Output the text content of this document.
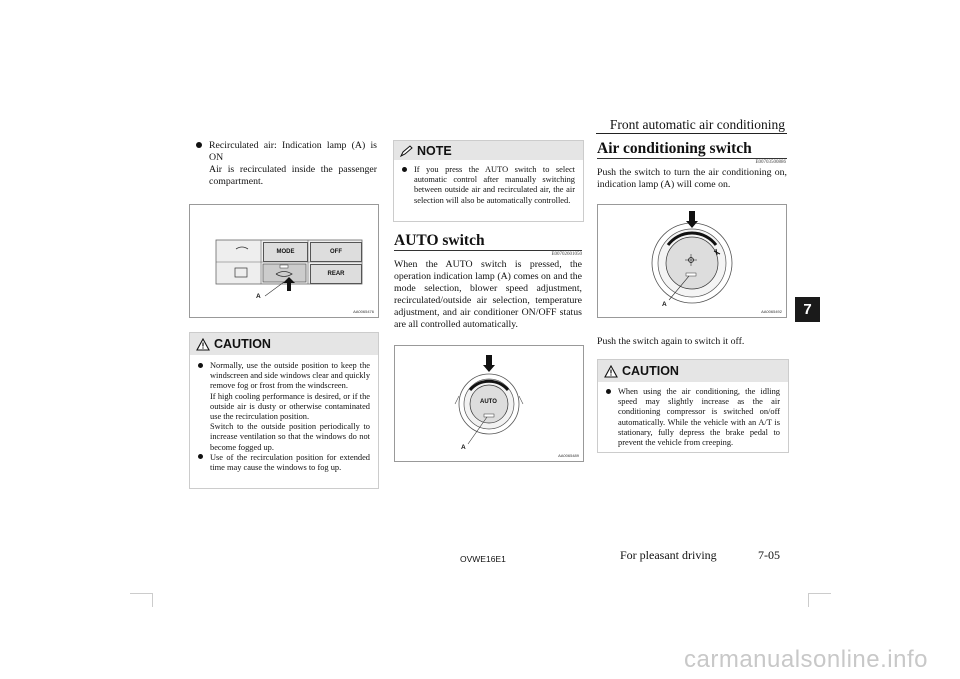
Front automatic air conditioning
7
Recirculated air: Indication lamp (A) is ON
Air is recirculated inside the passenger compartment.
MODE	OFF
REAR
A
AA0065476
CAUTION
Normally, use the outside position to keep the windscreen and side windows clear and quickly remove fog or frost from the windscreen.
If high cooling performance is desired, or if the outside air is dusty or otherwise contaminated use the recirculation position.
Switch to the outside position periodically to increase ventilation so that the windows do not become fogged up.
Use of the recirculation position for extended time may cause the windows to fog up.
NOTE
If you press the AUTO switch to select automatic control after manually switching between outside air and recirculated air, the air selection will also be automatically controlled.
AUTO switch
E00702601050
When the AUTO switch is pressed, the operation indication lamp (A) comes on and the mode selection, blower speed adjustment, recirculated/outside air selection, temperature adjustment, and air conditioner ON/OFF status are all controlled automatically.
AUTO
A
AA0065489
Air conditioning switch
E00703500886
Push the switch to turn the air conditioning on, indication lamp (A) will come on.
A
AA0065492
Push the switch again to switch it off.
CAUTION
When using the air conditioning, the idling speed may slightly increase as the air conditioning compressor is switched on/off automatically. While the vehicle with an A/T is stationary, fully depress the brake pedal to prevent the vehicle from creeping.
OVWE16E1	For pleasant driving	7-05
carmanualsonline.info
